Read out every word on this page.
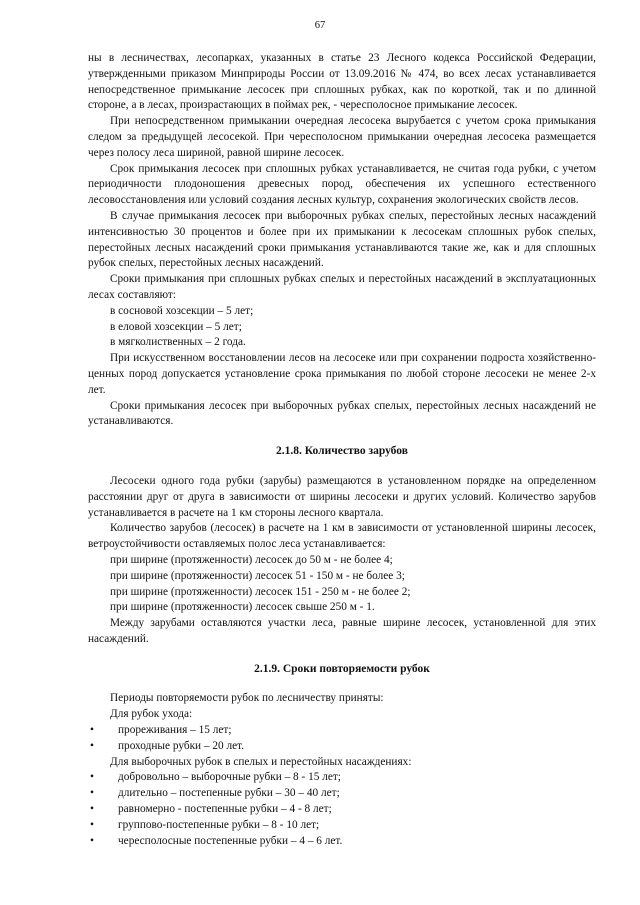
67

ны в лесничествах, лесопарках, указанных в статье 23 Лесного кодекса Российской Федерации, утвержденными приказом Минприроды России от 13.09.2016 № 474, во всех лесах устанавливается непосредственное примыкание лесосек при сплошных рубках, как по короткой, так и по длинной стороне, а в лесах, произрастающих в поймах рек, - чересполосное примыкание лесосек.

При непосредственном примыкании очередная лесосека вырубается с учетом срока примыкания следом за предыдущей лесосекой. При чересполосном примыкании очередная лесосека размещается через полосу леса шириной, равной ширине лесосек.

Срок примыкания лесосек при сплошных рубках устанавливается, не считая года рубки, с учетом периодичности плодоношения древесных пород, обеспечения их успешного естественного лесовосстановления или условий создания лесных культур, сохранения экологических свойств лесов.

В случае примыкания лесосек при выборочных рубках спелых, перестойных лесных насаждений интенсивностью 30 процентов и более при их примыкании к лесосекам сплошных рубок спелых, перестойных лесных насаждений сроки примыкания устанавливаются такие же, как и для сплошных рубок спелых, перестойных лесных насаждений.

Сроки примыкания при сплошных рубках спелых и перестойных насаждений в эксплуатационных лесах составляют:

в сосновой хозсекции – 5 лет;

в еловой хозсекции – 5 лет;

в мягколиственных – 2 года.

При искусственном восстановлении лесов на лесосеке или при сохранении подроста хозяйственно-ценных пород допускается установление срока примыкания по любой стороне лесосеки не менее 2-х лет.

Сроки примыкания лесосек при выборочных рубках спелых, перестойных лесных насаждений не устанавливаются.

2.1.8. Количество зарубов

Лесосеки одного года рубки (зарубы) размещаются в установленном порядке на определенном расстоянии друг от друга в зависимости от ширины лесосеки и других условий. Количество зарубов устанавливается в расчете на 1 км стороны лесного квартала.

Количество зарубов (лесосек) в расчете на 1 км в зависимости от установленной ширины лесосек, ветроустойчивости оставляемых полос леса устанавливается:

при ширине (протяженности) лесосек до 50 м - не более 4;

при ширине (протяженности) лесосек 51 - 150 м - не более 3;

при ширине (протяженности) лесосек 151 - 250 м - не более 2;

при ширине (протяженности) лесосек свыше 250 м - 1.

Между зарубами оставляются участки леса, равные ширине лесосек, установленной для этих насаждений.

2.1.9. Сроки повторяемости рубок

Периоды повторяемости рубок по лесничеству приняты:

Для рубок ухода:

• прореживания – 15 лет;
• проходные рубки – 20 лет.

Для выборочных рубок в спелых и перестойных насаждениях:

• добровольно – выборочные рубки – 8 - 15 лет;
• длительно – постепенные рубки – 30 – 40 лет;
• равномерно - постепенные рубки – 4 - 8 лет;
• группово-постепенные рубки – 8 - 10 лет;
• чересполосные постепенные рубки – 4 – 6 лет.
